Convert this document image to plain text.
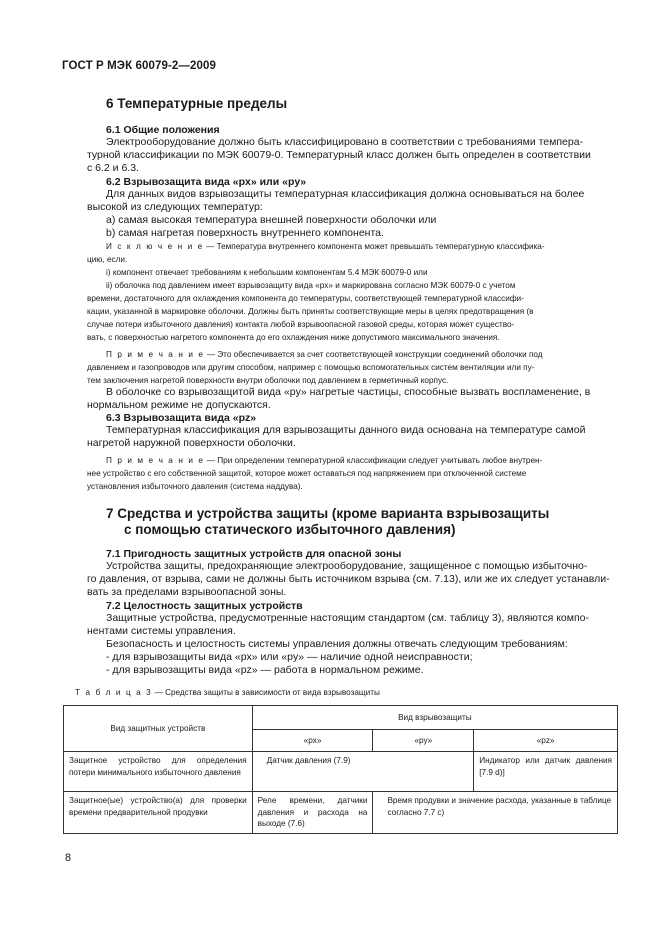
ГОСТ Р МЭК 60079-2—2009
6 Температурные пределы
6.1 Общие положения
Электрооборудование должно быть классифицировано в соответствии с требованиями темпера-
турной классификации по МЭК 60079-0. Температурный класс должен быть определен в соответствии
с 6.2 и 6.3.
6.2 Взрывозащита вида «px» или «py»
Для данных видов взрывозащиты температурная классификация должна основываться на более
высокой из следующих температур:
a) самая высокая температура внешней поверхности оболочки или
b) самая нагретая поверхность внутреннего компонента.
И с к л ю ч е н и е — Температура внутреннего компонента может превышать температурную классифика-
цию, если.
i) компонент отвечает требованиям к небольшим компонентам 5.4 МЭК 60079-0 или
ii) оболочка под давлением имеет взрывозащиту вида «px» и маркирована согласно МЭК 60079-0 с учетом
времени, достаточного для охлаждения компонента до температуры, соответствующей температурной классифи-
кации, указанной в маркировке оболочки. Должны быть приняты соответствующие меры в целях предотвращения (в
случае потери избыточного давления) контакта любой взрывоопасной газовой среды, которая может существо-
вать, с поверхностью нагретого компонента до его охлаждения ниже допустимого максимального значения.
П р и м е ч а н и е — Это обеспечивается за счет соответствующей конструкции соединений оболочки под
давлением и газопроводов или другим способом, например с помощью вспомогательных систем вентиляции или пу-
тем заключения нагретой поверхности внутри оболочки под давлением в герметичный корпус.
В оболочке со взрывозащитой вида «py» нагретые частицы, способные вызвать воспламенение, в
нормальном режиме не допускаются.
6.3 Взрывозащита вида «pz»
Температурная классификация для взрывозащиты данного вида основана на температуре самой
нагретой наружной поверхности оболочки.
П р и м е ч а н и е — При определении температурной классификации следует учитывать любое внутрен-
нее устройство с его собственной защитой, которое может оставаться под напряжением при отключенной системе
установления избыточного давления (система наддува).
7 Средства и устройства защиты (кроме варианта взрывозащиты
с помощью статического избыточного давления)
7.1 Пригодность защитных устройств для опасной зоны
Устройства защиты, предохраняющие электрооборудование, защищенное с помощью избыточно-
го давления, от взрыва, сами не должны быть источником взрыва (см. 7.13), или же их следует устанавли-
вать за пределами взрывоопасной зоны.
7.2 Целостность защитных устройств
Защитные устройства, предусмотренные настоящим стандартом (см. таблицу 3), являются компо-
нентами системы управления.
Безопасность и целостность системы управления должны отвечать следующим требованиям:
- для взрывозащиты вида «px» или «py» — наличие одной неисправности;
- для взрывозащиты вида «pz» — работа в нормальном режиме.
Т а б л и ц а 3 — Средства защиты в зависимости от вида взрывозащиты
Вид защитных устройств	Вид взрывозащиты		
	«px»	«py»	«pz»
Защитное устройство для определения потери минимального избыточного давления	Датчик давления (7.9)		Индикатор или датчик давления [7.9 d)]
Защитное(ые) устройство(а) для проверки времени предварительной продувки	Реле времени, датчики давления и расхода на выходе (7.6)	Время продувки и значение расхода, указанные в таблице согласно 7.7 c)	
8
